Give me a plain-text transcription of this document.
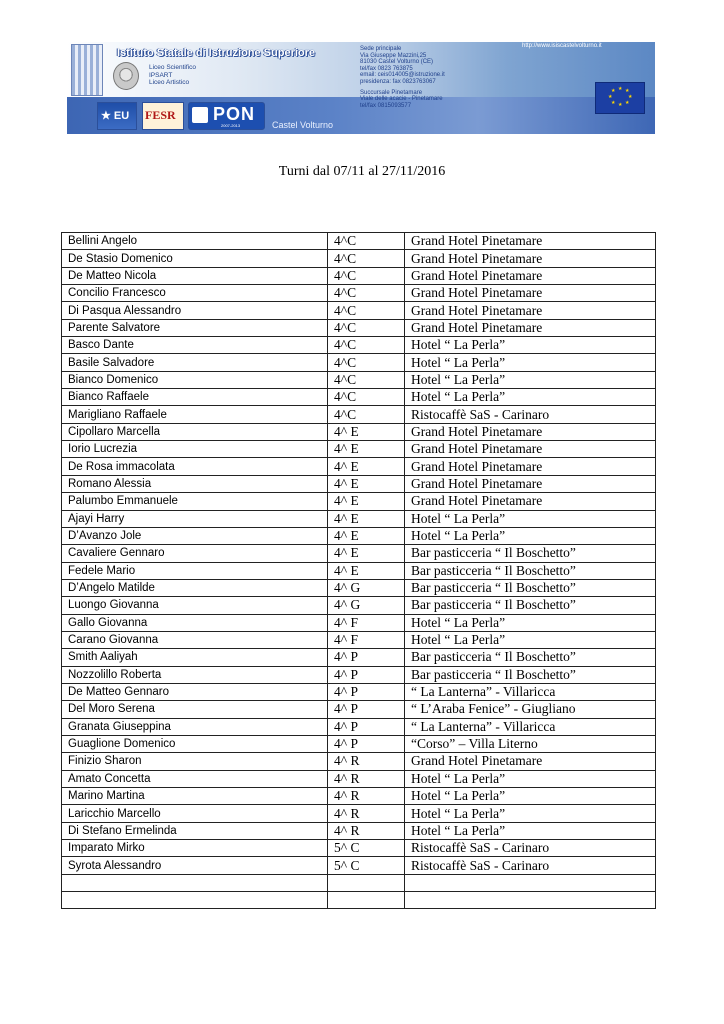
Istituto Statale di Istruzione Superiore
Liceo Scientifico
IPSART
Liceo Artistico
★ EU FESR PON
2007-2013	Castel Volturno
Sede principale
Via Giuseppe Mazzini,25
81030 Castel Volturno (CE)
tel/fax 0823 763875
email: ceis014005@istruzione.it
presidenza: fax 0823763067
Succursale Pinetamare
Viale delle acacie - Pinetamare
tel/fax 0815093577
http://www.isiscastelvolturno.it
★ ★
★
★
★
★
★
★
Turni dal 07/11 al 27/11/2016
Bellini Angelo	4^C	Grand Hotel Pinetamare
De Stasio Domenico	4^C	Grand Hotel Pinetamare
De Matteo Nicola	4^C	Grand Hotel Pinetamare
Concilio Francesco	4^C	Grand Hotel Pinetamare
Di Pasqua Alessandro	4^C	Grand Hotel Pinetamare
Parente Salvatore	4^C	Grand Hotel Pinetamare
Basco Dante	4^C	Hotel “ La Perla”
Basile Salvadore	4^C	Hotel “ La Perla”
Bianco Domenico	4^C	Hotel “ La Perla”
Bianco Raffaele	4^C	Hotel “ La Perla”
Marigliano Raffaele	4^C	Ristocaffè SaS - Carinaro
Cipollaro Marcella	4^ E	Grand Hotel Pinetamare
Iorio Lucrezia	4^ E	Grand Hotel Pinetamare
De Rosa immacolata	4^ E	Grand Hotel Pinetamare
Romano Alessia	4^ E	Grand Hotel Pinetamare
Palumbo Emmanuele	4^ E	Grand Hotel Pinetamare
Ajayi Harry	4^ E	Hotel “ La Perla”
D’Avanzo Jole	4^ E	Hotel “ La Perla”
Cavaliere Gennaro	4^ E	Bar pasticceria “ Il Boschetto”
Fedele Mario	4^ E	Bar pasticceria “ Il Boschetto”
D’Angelo Matilde	4^ G	Bar pasticceria “ Il Boschetto”
Luongo Giovanna	4^ G	Bar pasticceria “ Il Boschetto”
Gallo Giovanna	4^ F	Hotel “ La Perla”
Carano Giovanna	4^ F	Hotel “ La Perla”
Smith Aaliyah	4^ P	Bar pasticceria “ Il Boschetto”
Nozzolillo Roberta	4^ P	Bar pasticceria “ Il Boschetto”
De Matteo Gennaro	4^ P	“ La Lanterna” - Villaricca
Del Moro Serena	4^ P	“ L’Araba Fenice” - Giugliano
Granata Giuseppina	4^ P	“ La Lanterna” - Villaricca
Guaglione Domenico	4^ P	“Corso” – Villa Literno
Finizio Sharon	4^ R	Grand Hotel Pinetamare
Amato Concetta	4^ R	Hotel “ La Perla”
Marino Martina	4^ R	Hotel “ La Perla”
Laricchio Marcello	4^ R	Hotel “ La Perla”
Di Stefano Ermelinda	4^ R	Hotel “ La Perla”
Imparato Mirko	5^ C	Ristocaffè SaS - Carinaro
Syrota Alessandro	5^ C	Ristocaffè SaS - Carinaro
